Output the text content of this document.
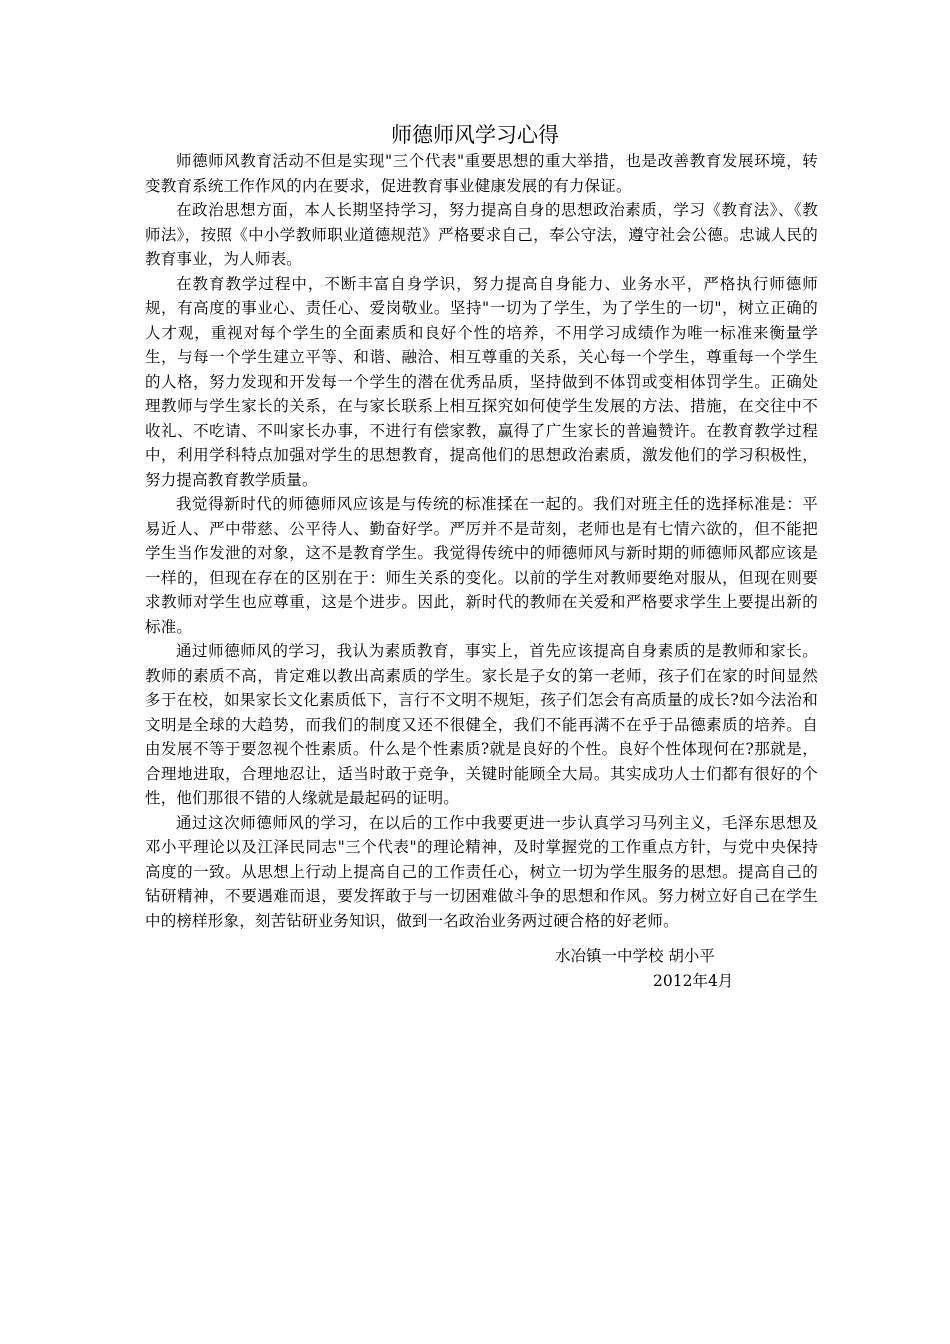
师德师风学习心得

师德师风教育活动不但是实现"三个代表"重要思想的重大举措，也是改善教育发展环境，转变教育系统工作作风的内在要求，促进教育事业健康发展的有力保证。

在政治思想方面，本人长期坚持学习，努力提高自身的思想政治素质，学习《教育法》、《教师法》，按照《中小学教师职业道德规范》严格要求自己，奉公守法，遵守社会公德。忠诚人民的教育事业，为人师表。

在教育教学过程中，不断丰富自身学识，努力提高自身能力、业务水平，严格执行师德师规，有高度的事业心、责任心、爱岗敬业。坚持"一切为了学生，为了学生的一切"，树立正确的人才观，重视对每个学生的全面素质和良好个性的培养，不用学习成绩作为唯一标准来衡量学生，与每一个学生建立平等、和谐、融洽、相互尊重的关系，关心每一个学生，尊重每一个学生的人格，努力发现和开发每一个学生的潜在优秀品质，坚持做到不体罚或变相体罚学生。正确处理教师与学生家长的关系，在与家长联系上相互探究如何使学生发展的方法、措施，在交往中不收礼、不吃请、不叫家长办事，不进行有偿家教，赢得了广生家长的普遍赞许。在教育教学过程中，利用学科特点加强对学生的思想教育，提高他们的思想政治素质，激发他们的学习积极性，努力提高教育教学质量。

我觉得新时代的师德师风应该是与传统的标准揉在一起的。我们对班主任的选择标准是：平易近人、严中带慈、公平待人、勤奋好学。严厉并不是苛刻，老师也是有七情六欲的，但不能把学生当作发泄的对象，这不是教育学生。我觉得传统中的师德师风与新时期的师德师风都应该是一样的，但现在存在的区别在于：师生关系的变化。以前的学生对教师要绝对服从，但现在则要求教师对学生也应尊重，这是个进步。因此，新时代的教师在关爱和严格要求学生上要提出新的标准。

通过师德师风的学习，我认为素质教育，事实上，首先应该提高自身素质的是教师和家长。教师的素质不高，肯定难以教出高素质的学生。家长是子女的第一老师，孩子们在家的时间显然多于在校，如果家长文化素质低下，言行不文明不规矩，孩子们怎会有高质量的成长?如今法治和文明是全球的大趋势，而我们的制度又还不很健全，我们不能再满不在乎于品德素质的培养。自由发展不等于要忽视个性素质。什么是个性素质?就是良好的个性。良好个性体现何在?那就是，合理地进取，合理地忍让，适当时敢于竞争，关键时能顾全大局。其实成功人士们都有很好的个性，他们那很不错的人缘就是最起码的证明。

通过这次师德师风的学习，在以后的工作中我要更进一步认真学习马列主义，毛泽东思想及邓小平理论以及江泽民同志"三个代表"的理论精神，及时掌握党的工作重点方针，与党中央保持高度的一致。从思想上行动上提高自己的工作责任心，树立一切为学生服务的思想。提高自己的钻研精神，不要遇难而退，要发挥敢于与一切困难做斗争的思想和作风。努力树立好自己在学生中的榜样形象，刻苦钻研业务知识，做到一名政治业务两过硬合格的好老师。

水冶镇一中学校 胡小平

2012年4月
